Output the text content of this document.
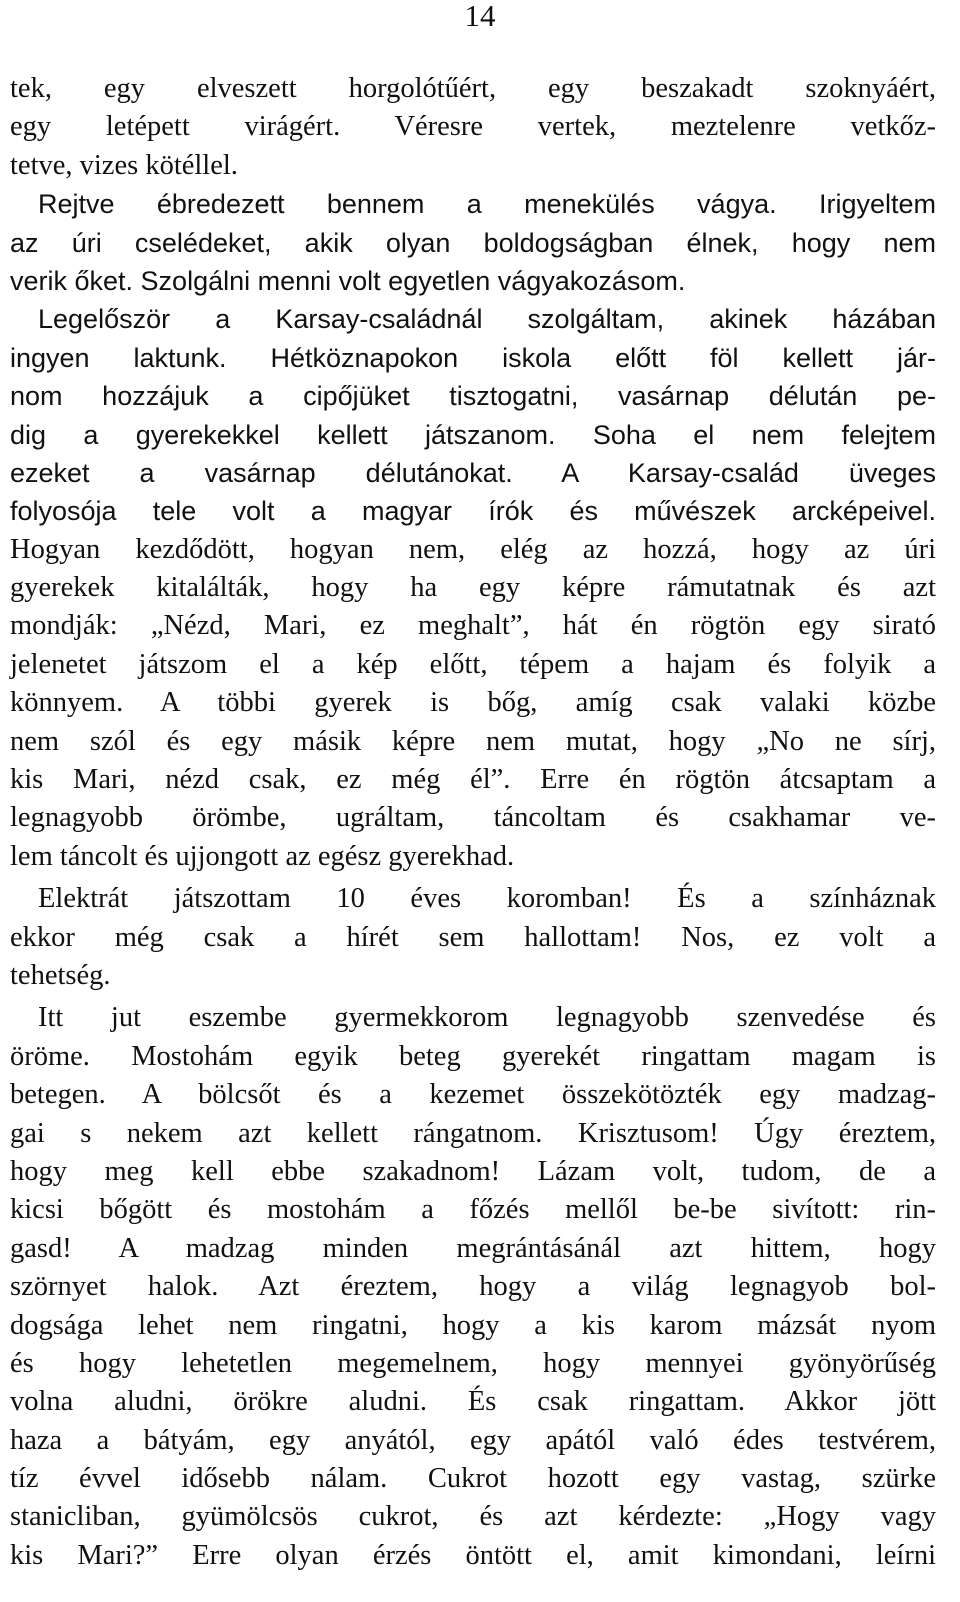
14
tek, egy elveszett horgolótűért, egy beszakadt szoknyáért,
egy letépett virágért. Véresre vertek, meztelenre vetkőz-
tetve, vizes kötéllel.
Rejtve ébredezett bennem a menekülés vágya. Irigyeltem
az úri cselédeket, akik olyan boldogságban élnek, hogy nem
verik őket. Szolgálni menni volt egyetlen vágyakozásom.
Legelőször a Karsay-családnál szolgáltam, akinek házában
ingyen laktunk. Hétköznapokon iskola előtt föl kellett jár-
nom hozzájuk a cipőjüket tisztogatni, vasárnap délután pe-
dig a gyerekekkel kellett játszanom. Soha el nem felejtem
ezeket a vasárnap délutánokat. A Karsay-család üveges
folyosója tele volt a magyar írók és művészek arcképeivel.
Hogyan kezdődött, hogyan nem, elég az hozzá, hogy az úri
gyerekek kitalálták, hogy ha egy képre rámutatnak és azt
mondják: „Nézd, Mari, ez meghalt”, hát én rögtön egy sirató
jelenetet játszom el a kép előtt, tépem a hajam és folyik a
könnyem. A többi gyerek is bőg, amíg csak valaki közbe
nem szól és egy másik képre nem mutat, hogy „No ne sírj,
kis Mari, nézd csak, ez még él”. Erre én rögtön átcsaptam a
legnagyobb örömbe, ugráltam, táncoltam és csakhamar ve-
lem táncolt és ujjongott az egész gyerekhad.
Elektrát játszottam 10 éves koromban! És a színháznak
ekkor még csak a hírét sem hallottam! Nos, ez volt a
tehetség.
Itt jut eszembe gyermekkorom legnagyobb szenvedése és
öröme. Mostohám egyik beteg gyerekét ringattam magam is
betegen. A bölcsőt és a kezemet összekötözték egy madzag-
gai s nekem azt kellett rángatnom. Krisztusom! Úgy éreztem,
hogy meg kell ebbe szakadnom! Lázam volt, tudom, de a
kicsi bőgött és mostohám a főzés mellől be-be sivított: rin-
gasd! A madzag minden megrántásánál azt hittem, hogy
szörnyet halok. Azt éreztem, hogy a világ legnagyob bol-
dogsága lehet nem ringatni, hogy a kis karom mázsát nyom
és hogy lehetetlen megemelnem, hogy mennyei gyönyörűség
volna aludni, örökre aludni. És csak ringattam. Akkor jött
haza a bátyám, egy anyától, egy apától való édes testvérem,
tíz évvel idősebb nálam. Cukrot hozott egy vastag, szürke
stanicliban, gyümölcsös cukrot, és azt kérdezte: „Hogy vagy
kis Mari?” Erre olyan érzés öntött el, amit kimondani, leírni
